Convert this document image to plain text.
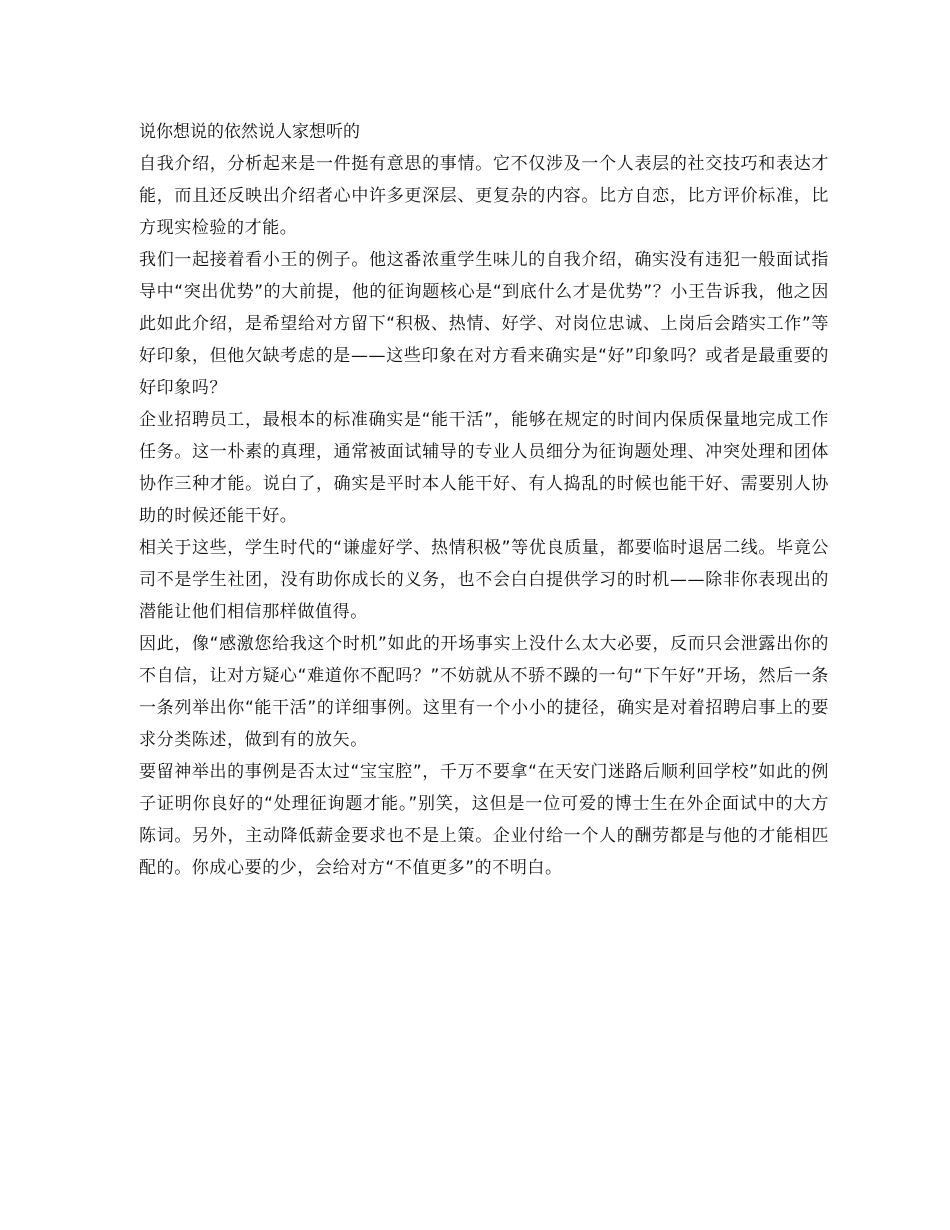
说你想说的依然说人家想听的

自我介绍，分析起来是一件挺有意思的事情。它不仅涉及一个人表层的社交技巧和表达才能，而且还反映出介绍者心中许多更深层、更复杂的内容。比方自恋，比方评价标准，比方现实检验的才能。

我们一起接着看小王的例子。他这番浓重学生味儿的自我介绍，确实没有违犯一般面试指导中“突出优势”的大前提，他的征询题核心是“到底什么才是优势”？小王告诉我，他之因此如此介绍，是希望给对方留下“积极、热情、好学、对岗位忠诚、上岗后会踏实工作”等好印象，但他欠缺考虑的是——这些印象在对方看来确实是“好”印象吗？或者是最重要的好印象吗？

企业招聘员工，最根本的标准确实是“能干活”，能够在规定的时间内保质保量地完成工作任务。这一朴素的真理，通常被面试辅导的专业人员细分为征询题处理、冲突处理和团体协作三种才能。说白了，确实是平时本人能干好、有人捣乱的时候也能干好、需要别人协助的时候还能干好。

相关于这些，学生时代的“谦虚好学、热情积极”等优良质量，都要临时退居二线。毕竟公司不是学生社团，没有助你成长的义务，也不会白白提供学习的时机——除非你表现出的潜能让他们相信那样做值得。

因此，像“感激您给我这个时机”如此的开场事实上没什么太大必要，反而只会泄露出你的不自信，让对方疑心“难道你不配吗？”不妨就从不骄不躁的一句“下午好”开场，然后一条一条列举出你“能干活”的详细事例。这里有一个小小的捷径，确实是对着招聘启事上的要求分类陈述，做到有的放矢。

要留神举出的事例是否太过“宝宝腔”，千万不要拿“在天安门迷路后顺利回学校”如此的例子证明你良好的“处理征询题才能。”别笑，这但是一位可爱的博士生在外企面试中的大方陈词。另外，主动降低薪金要求也不是上策。企业付给一个人的酬劳都是与他的才能相匹配的。你成心要的少，会给对方“不值更多”的不明白。
